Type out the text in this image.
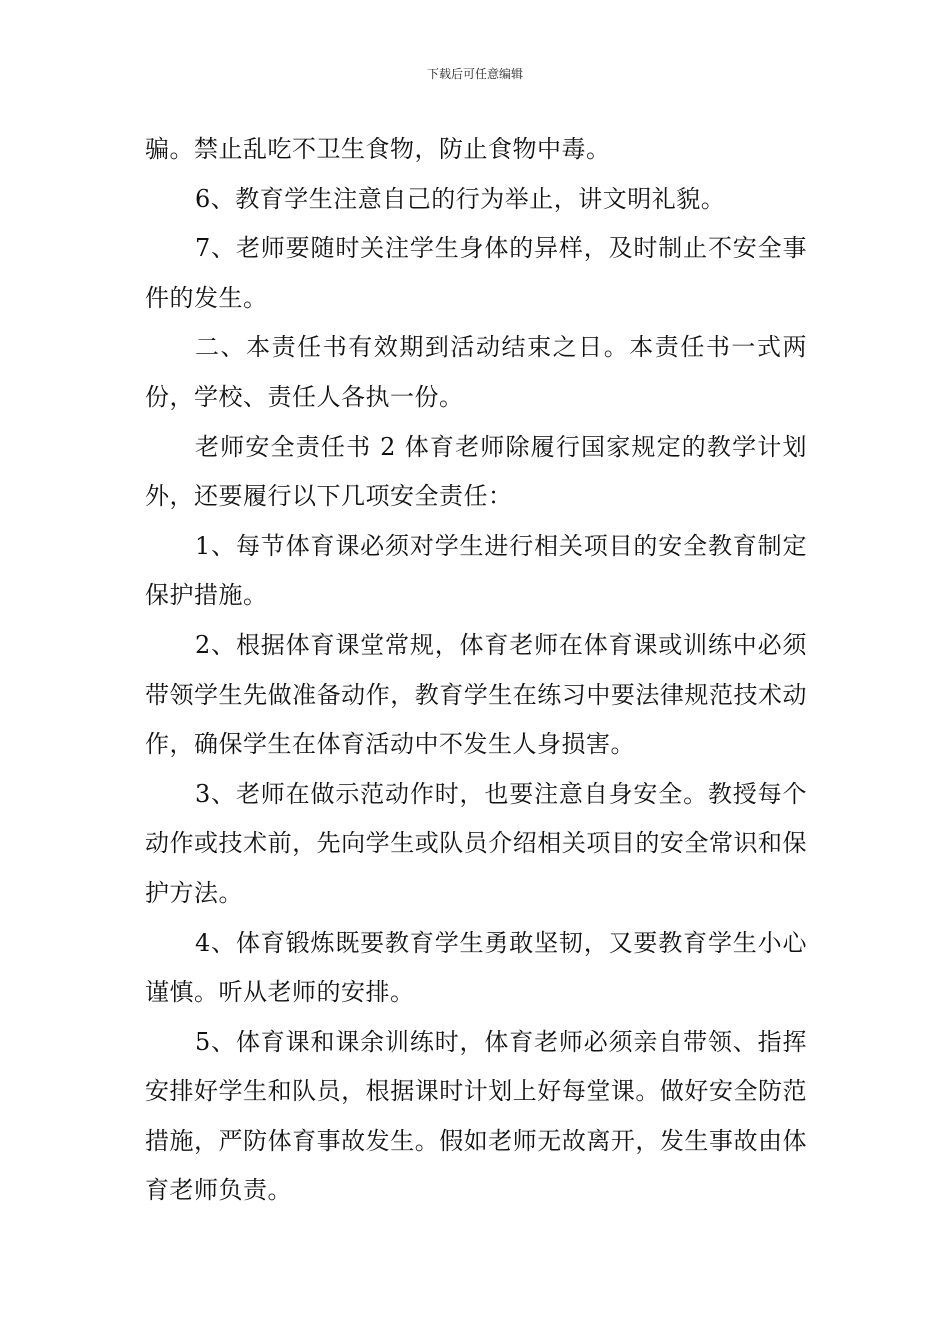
下载后可任意编辑

骗。禁止乱吃不卫生食物，防止食物中毒。

6、教育学生注意自己的行为举止，讲文明礼貌。

7、老师要随时关注学生身体的异样，及时制止不安全事件的发生。

二、本责任书有效期到活动结束之日。本责任书一式两份，学校、责任人各执一份。

老师安全责任书 2 体育老师除履行国家规定的教学计划外，还要履行以下几项安全责任：

1、每节体育课必须对学生进行相关项目的安全教育制定保护措施。

2、根据体育课堂常规，体育老师在体育课或训练中必须带领学生先做准备动作，教育学生在练习中要法律规范技术动作，确保学生在体育活动中不发生人身损害。

3、老师在做示范动作时，也要注意自身安全。教授每个动作或技术前，先向学生或队员介绍相关项目的安全常识和保护方法。

4、体育锻炼既要教育学生勇敢坚韧，又要教育学生小心谨慎。听从老师的安排。

5、体育课和课余训练时，体育老师必须亲自带领、指挥安排好学生和队员，根据课时计划上好每堂课。做好安全防范措施，严防体育事故发生。假如老师无故离开，发生事故由体育老师负责。
